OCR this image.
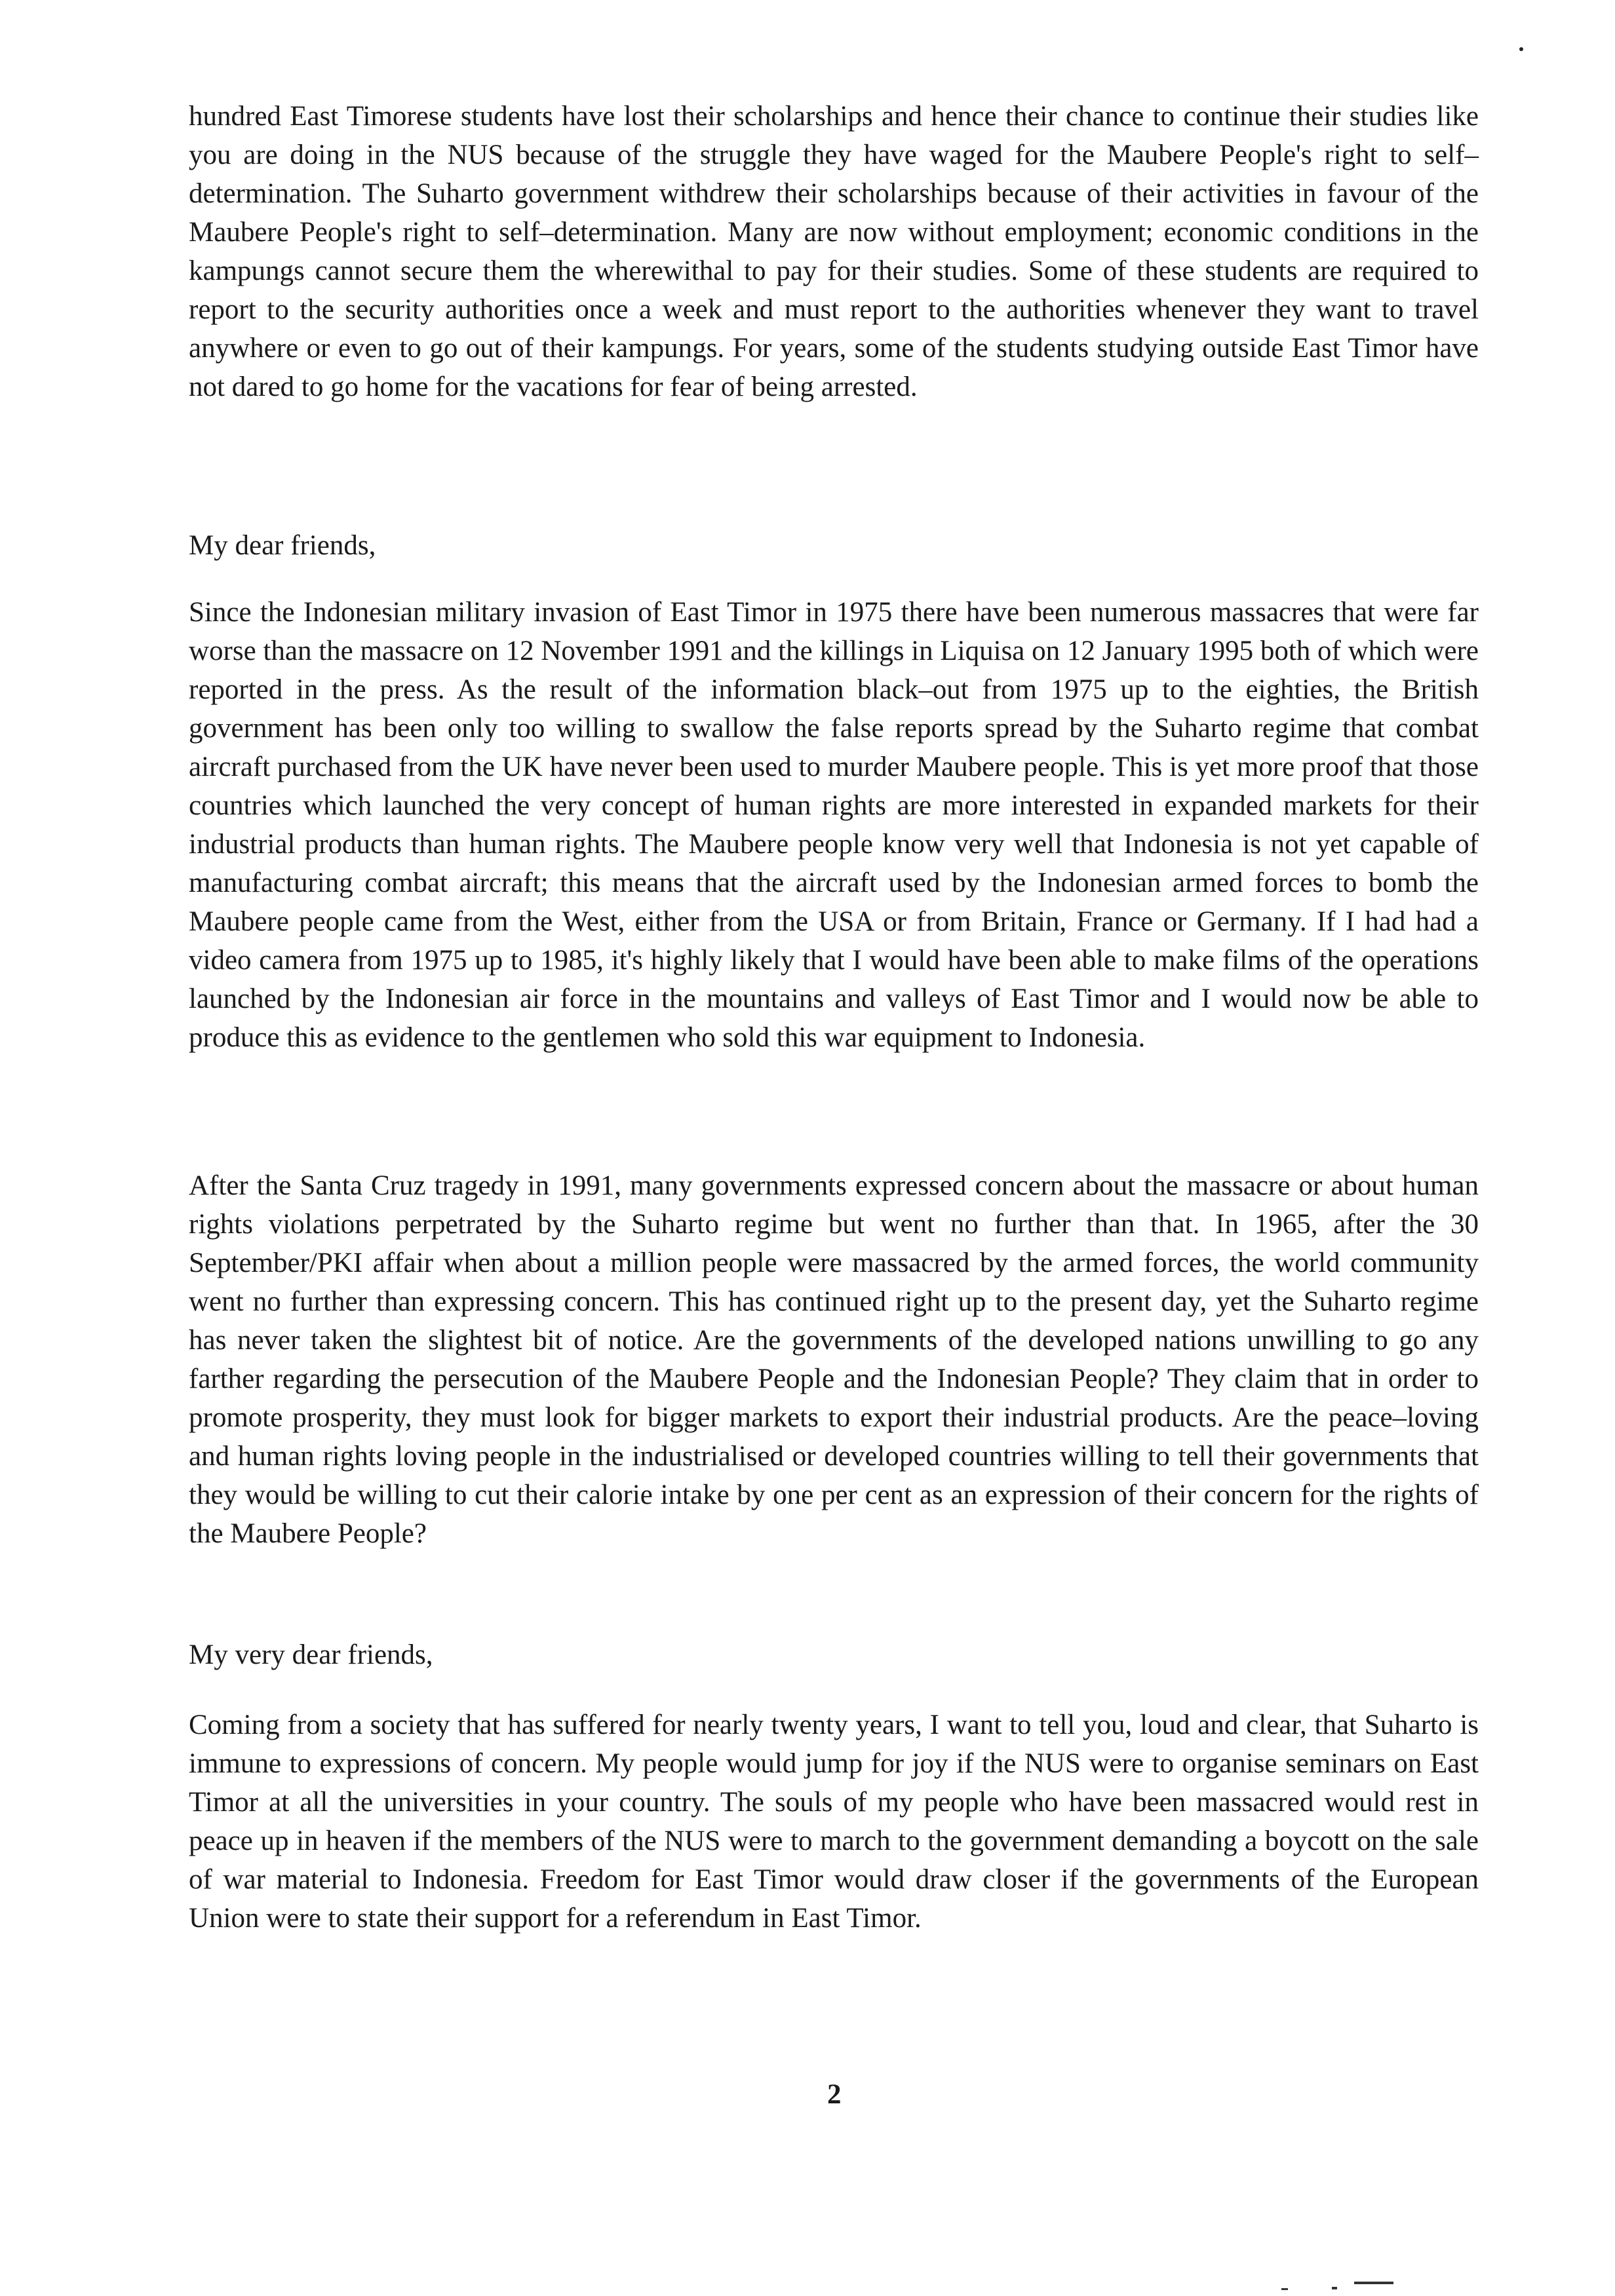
hundred East Timorese students have lost their scholarships and hence their chance to continue their studies like you are doing in the NUS because of the struggle they have waged for the Maubere People's right to self–determination. The Suharto government withdrew their scholarships because of their activities in favour of the Maubere People's right to self–determination. Many are now without employment; economic conditions in the kampungs cannot secure them the wherewithal to pay for their studies. Some of these students are required to report to the security authorities once a week and must report to the authorities whenever they want to travel anywhere or even to go out of their kampungs. For years, some of the students studying outside East Timor have not dared to go home for the vacations for fear of being arrested.

My dear friends,

Since the Indonesian military invasion of East Timor in 1975 there have been numerous massacres that were far worse than the massacre on 12 November 1991 and the killings in Liquisa on 12 January 1995 both of which were reported in the press. As the result of the information black–out from 1975 up to the eighties, the British government has been only too willing to swallow the false reports spread by the Suharto regime that combat aircraft purchased from the UK have never been used to murder Maubere people. This is yet more proof that those countries which launched the very concept of human rights are more interested in expanded markets for their industrial products than human rights. The Maubere people know very well that Indonesia is not yet capable of manufacturing combat aircraft; this means that the aircraft used by the Indonesian armed forces to bomb the Maubere people came from the West, either from the USA or from Britain, France or Germany. If I had had a video camera from 1975 up to 1985, it's highly likely that I would have been able to make films of the operations launched by the Indonesian air force in the mountains and valleys of East Timor and I would now be able to produce this as evidence to the gentlemen who sold this war equipment to Indonesia.

After the Santa Cruz tragedy in 1991, many governments expressed concern about the massacre or about human rights violations perpetrated by the Suharto regime but went no further than that. In 1965, after the 30 September/PKI affair when about a million people were massacred by the armed forces, the world community went no further than expressing concern. This has continued right up to the present day, yet the Suharto regime has never taken the slightest bit of notice. Are the governments of the developed nations unwilling to go any farther regarding the persecution of the Maubere People and the Indonesian People? They claim that in order to promote prosperity, they must look for bigger markets to export their industrial products. Are the peace–loving and human rights loving people in the industrialised or developed countries willing to tell their governments that they would be willing to cut their calorie intake by one per cent as an expression of their concern for the rights of the Maubere People?

My very dear friends,

Coming from a society that has suffered for nearly twenty years, I want to tell you, loud and clear, that Suharto is immune to expressions of concern. My people would jump for joy if the NUS were to organise seminars on East Timor at all the universities in your country. The souls of my people who have been massacred would rest in peace up in heaven if the members of the NUS were to march to the government demanding a boycott on the sale of war material to Indonesia. Freedom for East Timor would draw closer if the governments of the European Union were to state their support for a referendum in East Timor.

2
